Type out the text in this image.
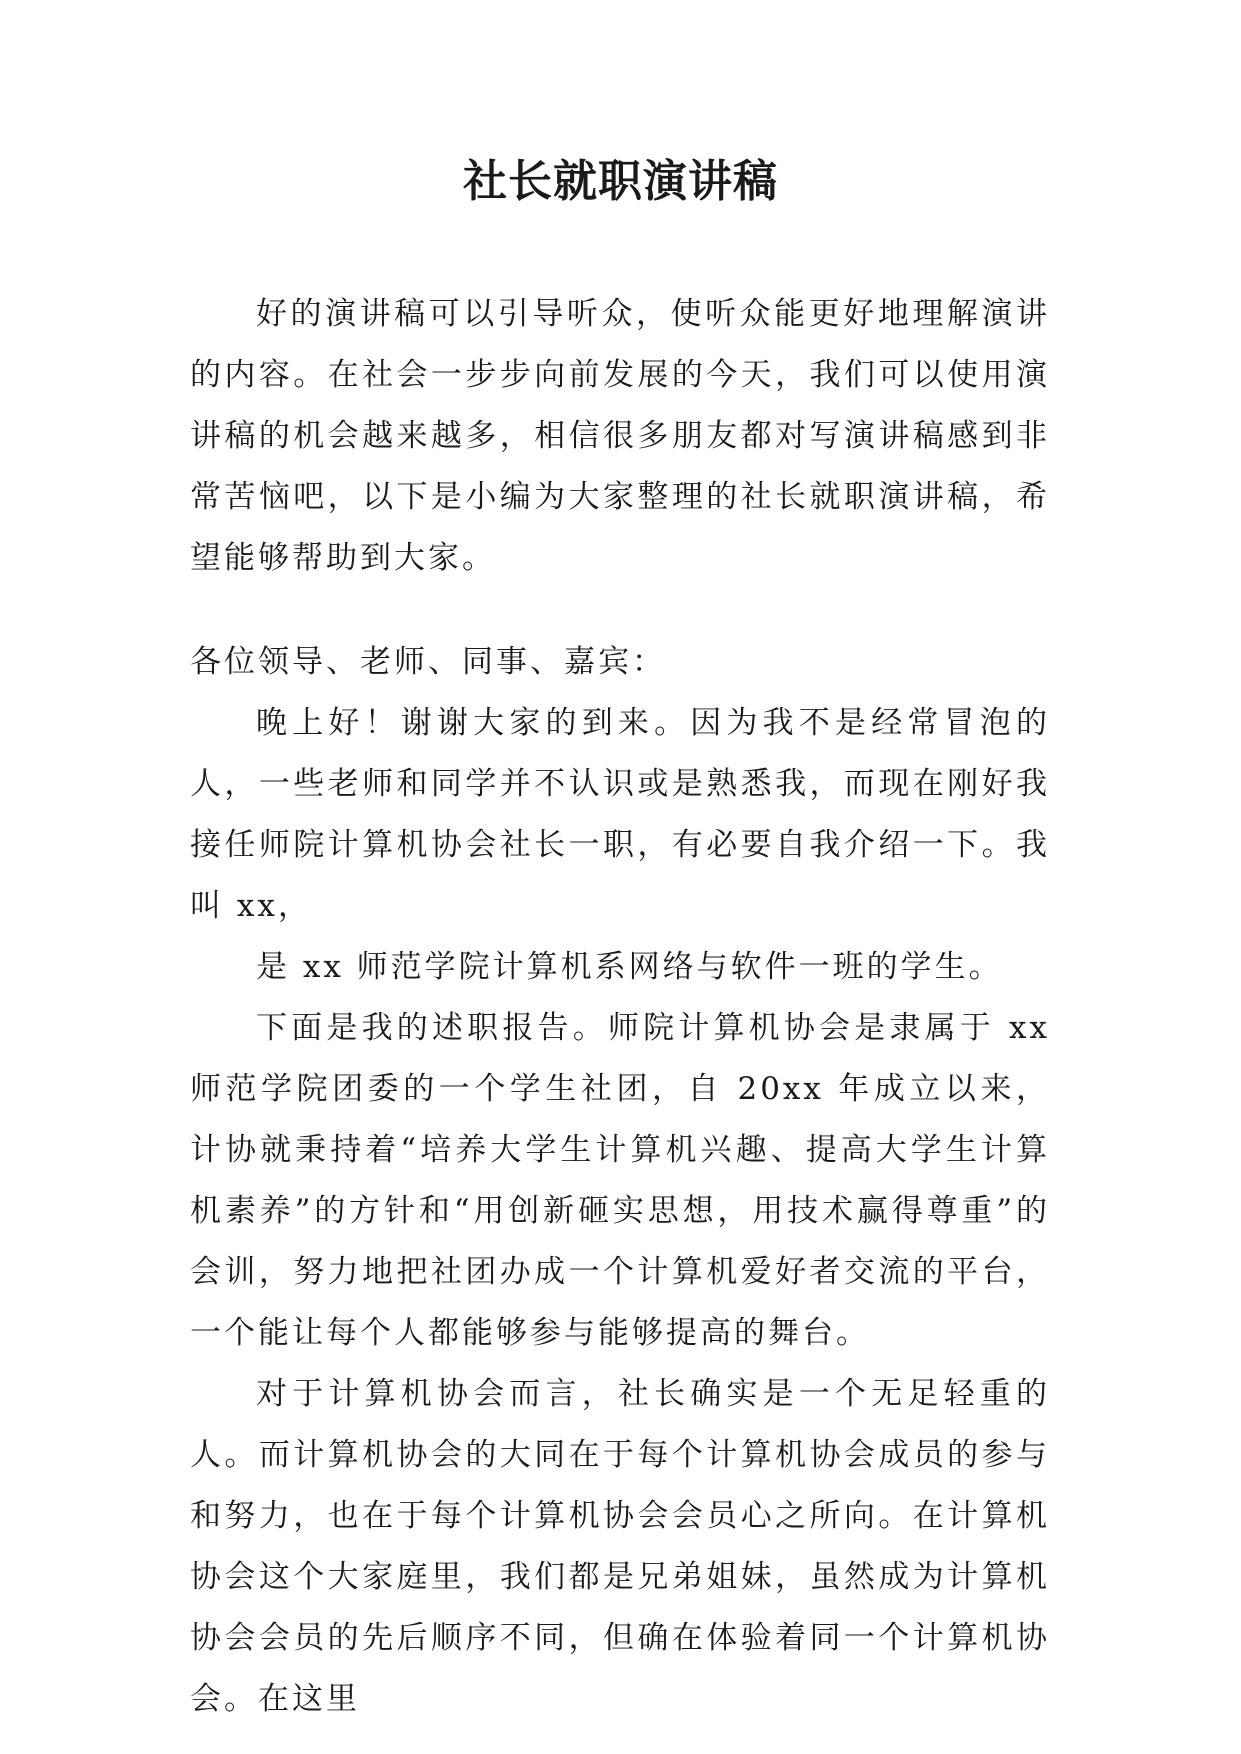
社长就职演讲稿

好的演讲稿可以引导听众，使听众能更好地理解演讲的内容。在社会一步步向前发展的今天，我们可以使用演讲稿的机会越来越多，相信很多朋友都对写演讲稿感到非常苦恼吧，以下是小编为大家整理的社长就职演讲稿，希望能够帮助到大家。

各位领导、老师、同事、嘉宾：

晚上好！谢谢大家的到来。因为我不是经常冒泡的人，一些老师和同学并不认识或是熟悉我，而现在刚好我接任师院计算机协会社长一职，有必要自我介绍一下。我叫 xx，

是 xx 师范学院计算机系网络与软件一班的学生。

下面是我的述职报告。师院计算机协会是隶属于 xx 师范学院团委的一个学生社团，自 20xx 年成立以来，计协就秉持着“培养大学生计算机兴趣、提高大学生计算机素养”的方针和“用创新砸实思想，用技术赢得尊重”的会训，努力地把社团办成一个计算机爱好者交流的平台，一个能让每个人都能够参与能够提高的舞台。

对于计算机协会而言，社长确实是一个无足轻重的人。而计算机协会的大同在于每个计算机协会成员的参与和努力，也在于每个计算机协会会员心之所向。在计算机协会这个大家庭里，我们都是兄弟姐妹，虽然成为计算机协会会员的先后顺序不同，但确在体验着同一个计算机协会。在这里
